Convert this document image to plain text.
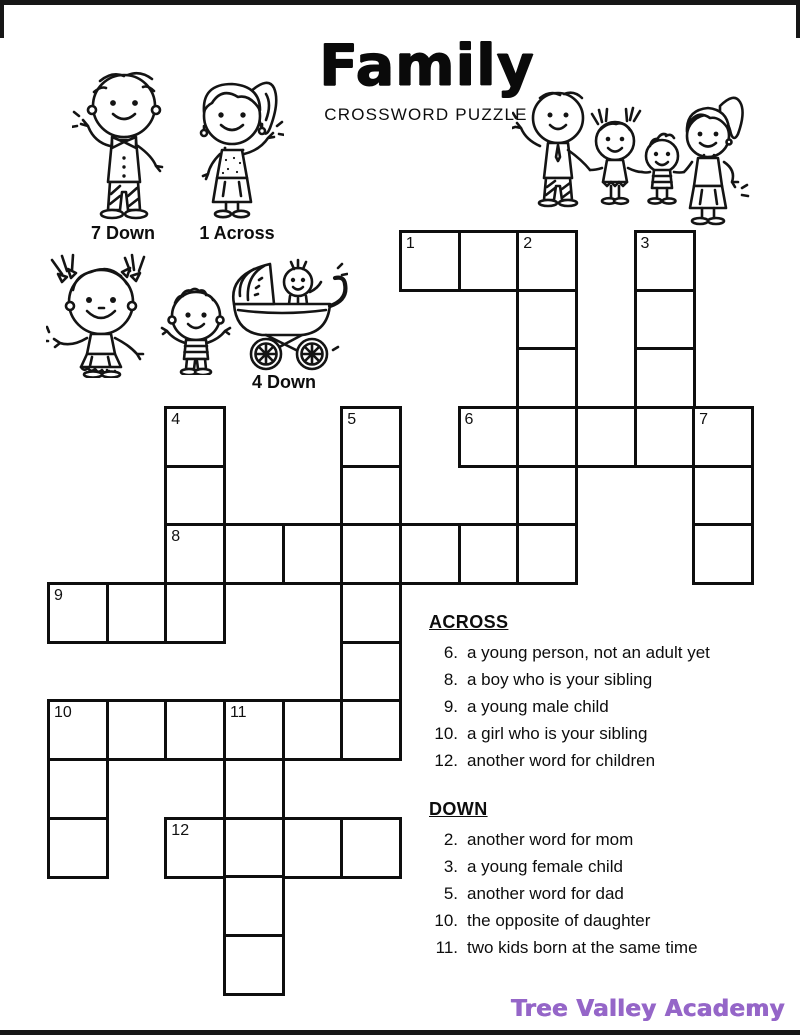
Family
CROSSWORD PUZZLE
7 Down 1 Across
4 Down
1	2	3
4	5	6	7
8
9
10	11
12
ACROSS
6. a young person, not an adult yet
8. a boy who is your sibling
9. a young male child
10. a girl who is your sibling
12. another word for children
DOWN
2. another word for mom
3. a young female child
5. another word for dad
10. the opposite of daughter
11. two kids born at the same time
Tree Valley Academy
